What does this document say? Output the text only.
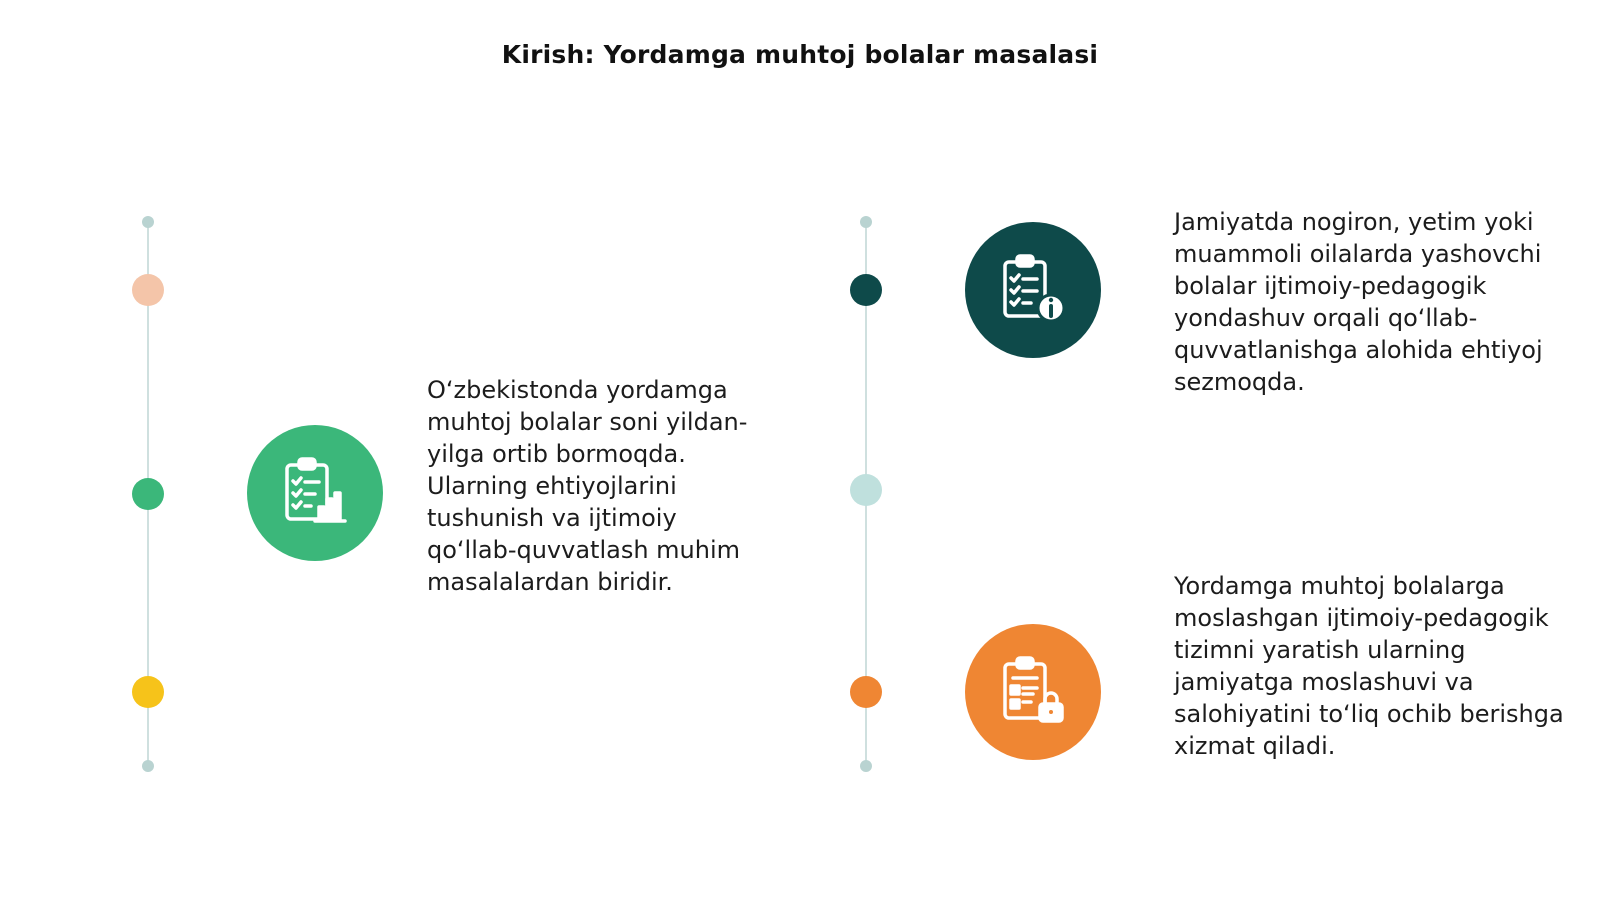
Kirish: Yordamga muhtoj bolalar masalasi
O‘zbekistonda yordamga muhtoj bolalar soni yildan-yilga ortib bormoqda. Ularning ehtiyojlarini tushunish va ijtimoiy qo‘llab-quvvatlash muhim masalalardan biridir.
Jamiyatda nogiron, yetim yoki muammoli oilalarda yashovchi bolalar ijtimoiy-pedagogik yondashuv orqali qo‘llab-quvvatlanishga alohida ehtiyoj sezmoqda.
Yordamga muhtoj bolalarga moslashgan ijtimoiy-pedagogik tizimni yaratish ularning jamiyatga moslashuvi va salohiyatini to‘liq ochib berishga xizmat qiladi.
